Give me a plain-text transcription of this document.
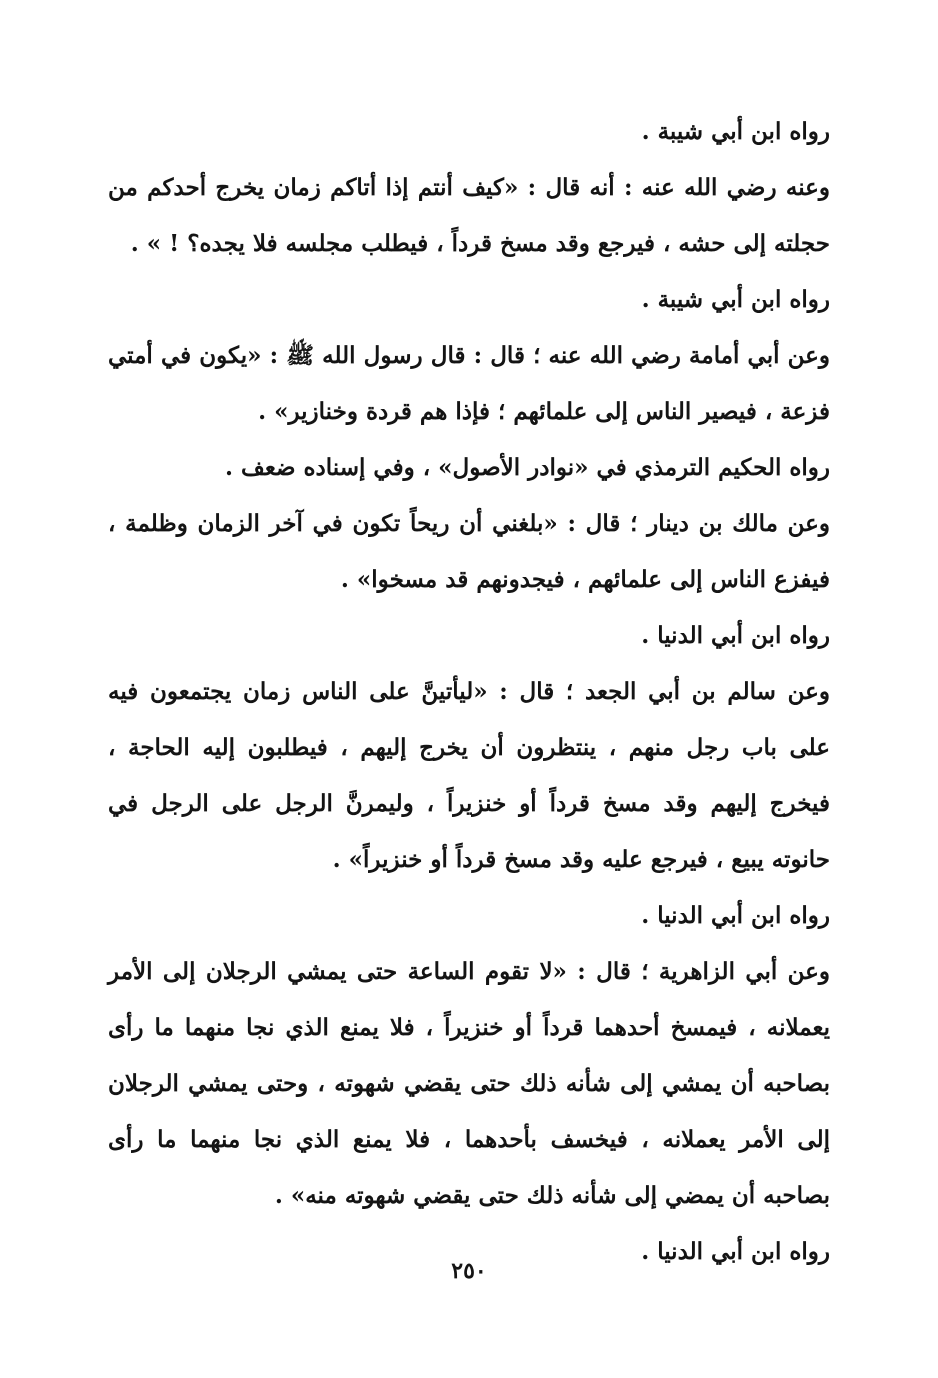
رواه ابن أبي شيبة .

وعنه رضي الله عنه : أنه قال : «كيف أنتم إذا أتاكم زمان يخرج أحدكم من حجلته إلى حشه ، فيرجع وقد مسخ قرداً ، فيطلب مجلسه فلا يجده؟ ! » .

رواه ابن أبي شيبة .

وعن أبي أمامة رضي الله عنه ؛ قال : قال رسول الله ﷺ : «يكون في أمتي فزعة ، فيصير الناس إلى علمائهم ؛ فإذا هم قردة وخنازير» .

رواه الحكيم الترمذي في «نوادر الأصول» ، وفي إسناده ضعف .

وعن مالك بن دينار ؛ قال : «بلغني أن ريحاً تكون في آخر الزمان وظلمة ، فيفزع الناس إلى علمائهم ، فيجدونهم قد مسخوا» .

رواه ابن أبي الدنيا .

وعن سالم بن أبي الجعد ؛ قال : «ليأتينَّ على الناس زمان يجتمعون فيه على باب رجل منهم ، ينتظرون أن يخرج إليهم ، فيطلبون إليه الحاجة ، فيخرج إليهم وقد مسخ قرداً أو خنزيراً ، وليمرنَّ الرجل على الرجل في حانوته يبيع ، فيرجع عليه وقد مسخ قرداً أو خنزيراً» .

رواه ابن أبي الدنيا .

وعن أبي الزاهرية ؛ قال : «لا تقوم الساعة حتى يمشي الرجلان إلى الأمر يعملانه ، فيمسخ أحدهما قرداً أو خنزيراً ، فلا يمنع الذي نجا منهما ما رأى بصاحبه أن يمشي إلى شأنه ذلك حتى يقضي شهوته ، وحتى يمشي الرجلان إلى الأمر يعملانه ، فيخسف بأحدهما ، فلا يمنع الذي نجا منهما ما رأى بصاحبه أن يمضي إلى شأنه ذلك حتى يقضي شهوته منه» .

رواه ابن أبي الدنيا .

٢٥٠
